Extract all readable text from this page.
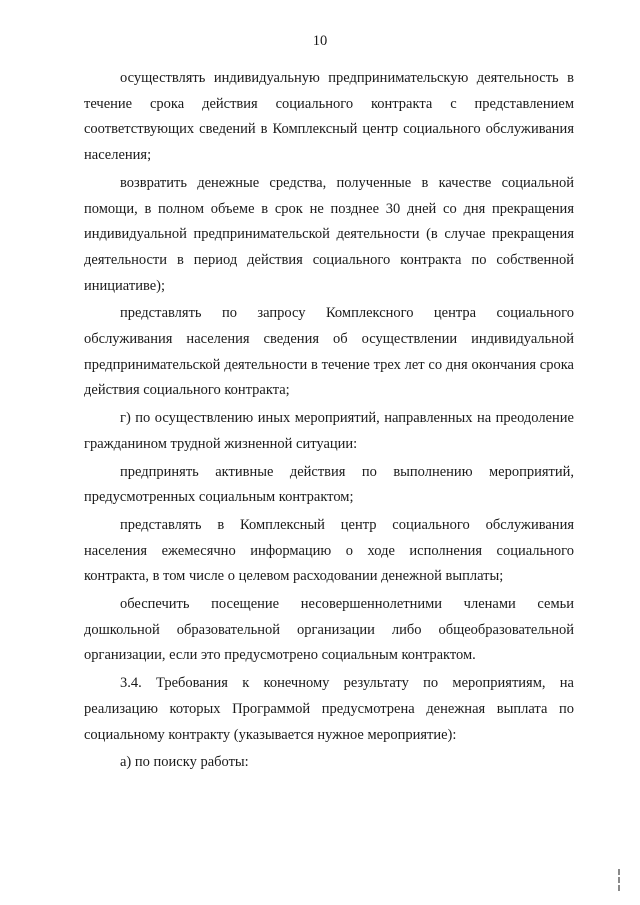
10

осуществлять индивидуальную предпринимательскую деятельность в течение срока действия социального контракта с представлением соответствующих сведений в Комплексный центр социального обслуживания населения;

возвратить денежные средства, полученные в качестве социальной помощи, в полном объеме в срок не позднее 30 дней со дня прекращения индивидуальной предпринимательской деятельности (в случае прекращения деятельности в период действия социального контракта по собственной инициативе);

представлять по запросу Комплексного центра социального обслуживания населения сведения об осуществлении индивидуальной предпринимательской деятельности в течение трех лет со дня окончания срока действия социального контракта;

г) по осуществлению иных мероприятий, направленных на преодоление гражданином трудной жизненной ситуации:

предпринять активные действия по выполнению мероприятий, предусмотренных социальным контрактом;

представлять в Комплексный центр социального обслуживания населения ежемесячно информацию о ходе исполнения социального контракта, в том числе о целевом расходовании денежной выплаты;

обеспечить посещение несовершеннолетними членами семьи дошкольной образовательной организации либо общеобразовательной организации, если это предусмотрено социальным контрактом.

3.4. Требования к конечному результату по мероприятиям, на реализацию которых Программой предусмотрена денежная выплата по социальному контракту (указывается нужное мероприятие):

а) по поиску работы:
